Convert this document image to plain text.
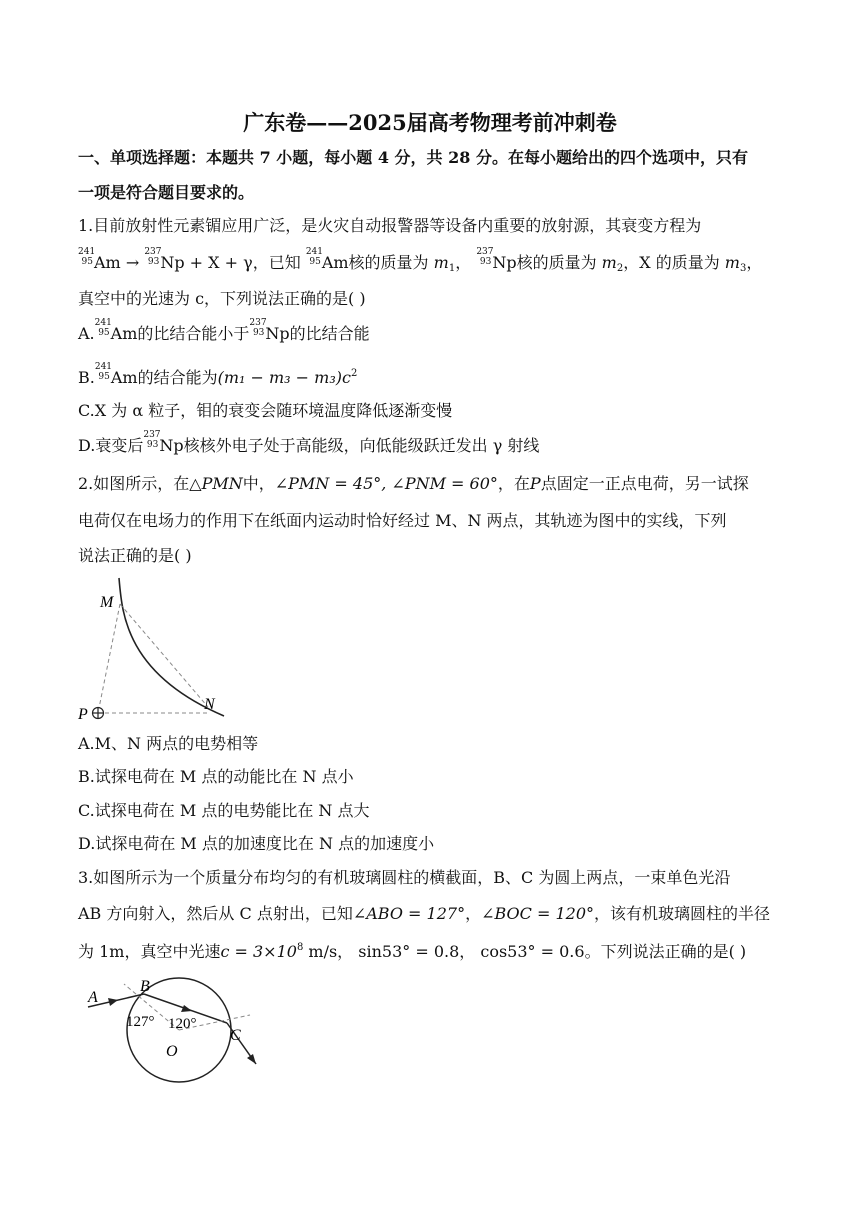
广东卷——2025届高考物理考前冲刺卷
一、单项选择题：本题共 7 小题，每小题 4 分，共 28 分。在每小题给出的四个选项中，只有
一项是符合题目要求的。
1.目前放射性元素镅应用广泛，是火灾自动报警器等设备内重要的放射源，其衰变方程为
241
95 Am →
237
93 Np + X + γ，已知
241
95 Am核的质量为 $m_1$，
237
93 Np核的质量为 $m_2$，X 的质量为 $m_3$，
真空中的光速为 c，下列说法正确的是( )
A.
241
95 Am的比结合能小于
237
93 Np的比结合能
B.
241
95 Am的结合能为$(m_1 - m_3 - m_3)c^2$
C.X 为 α 粒子，钼的衰变会随环境温度降低逐渐变慢
D.衰变后
237
93 Np核核外电子处于高能级，向低能级跃迁发出 γ 射线
2.如图所示，在△PMN中，∠PMN = 45°, ∠PNM = 60°，在P点固定一正点电荷，另一试探
电荷仅在电场力的作用下在纸面内运动时恰好经过 M、N 两点，其轨迹为图中的实线，下列
说法正确的是( )
M
N
P
A.M、N 两点的电势相等
B.试探电荷在 M 点的动能比在 N 点小
C.试探电荷在 M 点的电势能比在 N 点大
D.试探电荷在 M 点的加速度比在 N 点的加速度小
3.如图所示为一个质量分布均匀的有机玻璃圆柱的横截面，B、C 为圆上两点，一束单色光沿
AB 方向射入，然后从 C 点射出，已知∠ABO = 127°，∠BOC = 120°，该有机玻璃圆柱的半径
为 1m，真空中光速$c = 3\times 10^8$ m/s， sin53° = 0.8， cos53° = 0.6。下列说法正确的是( )
A
B
C
O
127° 120°
